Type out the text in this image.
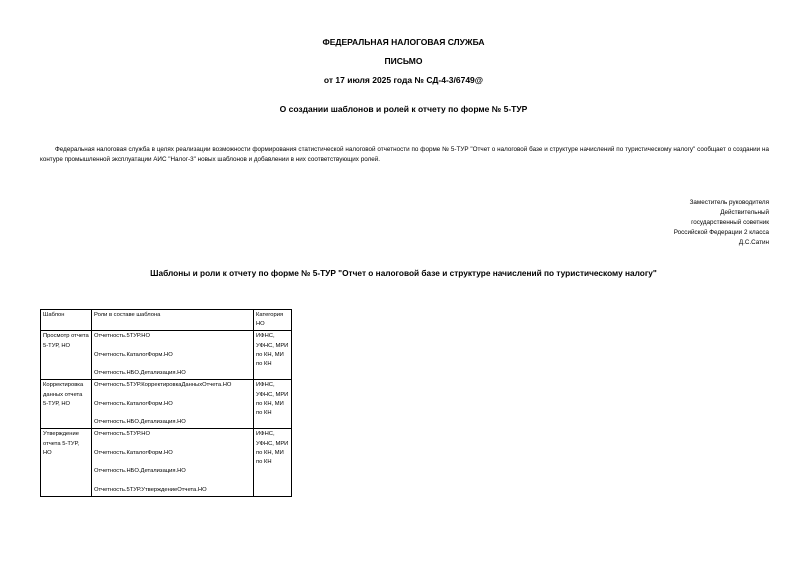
ФЕДЕРАЛЬНАЯ НАЛОГОВАЯ СЛУЖБА
ПИСЬМО
от 17 июля 2025 года № СД-4-3/6749@
О создании шаблонов и ролей к отчету по форме № 5-ТУР
Федеральная налоговая служба в целях реализации возможности формирования статистической налоговой отчетности по форме № 5-ТУР "Отчет о налоговой базе и структуре начислений по туристическому налогу" сообщает о создании на контуре промышленной эксплуатации АИС "Налог-3" новых шаблонов и добавлении в них соответствующих ролей.
Заместитель руководителя
Действительный
государственный советник
Российской Федерации 2 класса
Д.С.Сатин
Шаблоны и роли к отчету по форме № 5-ТУР "Отчет о налоговой базе и структуре начислений по туристическому налогу"
Шаблон	Роли в составе шаблона	Категория НО
Просмотр отчета 5-ТУР, НО	Отчетность.5ТУР.НО
Отчетность.КаталогФорм.НО
Отчетность.НБО.Детализация.НО	ИФНС, УФНС, МРИ по КН, МИ по КН
Корректировка данных отчета 5-ТУР, НО	Отчетность.5ТУР.КорректировкаДанныхОтчета.НО
Отчетность.КаталогФорм.НО
Отчетность.НБО.Детализация.НО	ИФНС, УФНС, МРИ по КН, МИ по КН
Утверждение отчета 5-ТУР, НО	Отчетность.5ТУР.НО
Отчетность.КаталогФорм.НО
Отчетность.НБО.Детализация.НО
Отчетность.5ТУР.УтверждениеОтчета.НО	ИФНС, УФНС, МРИ по КН, МИ по КН
